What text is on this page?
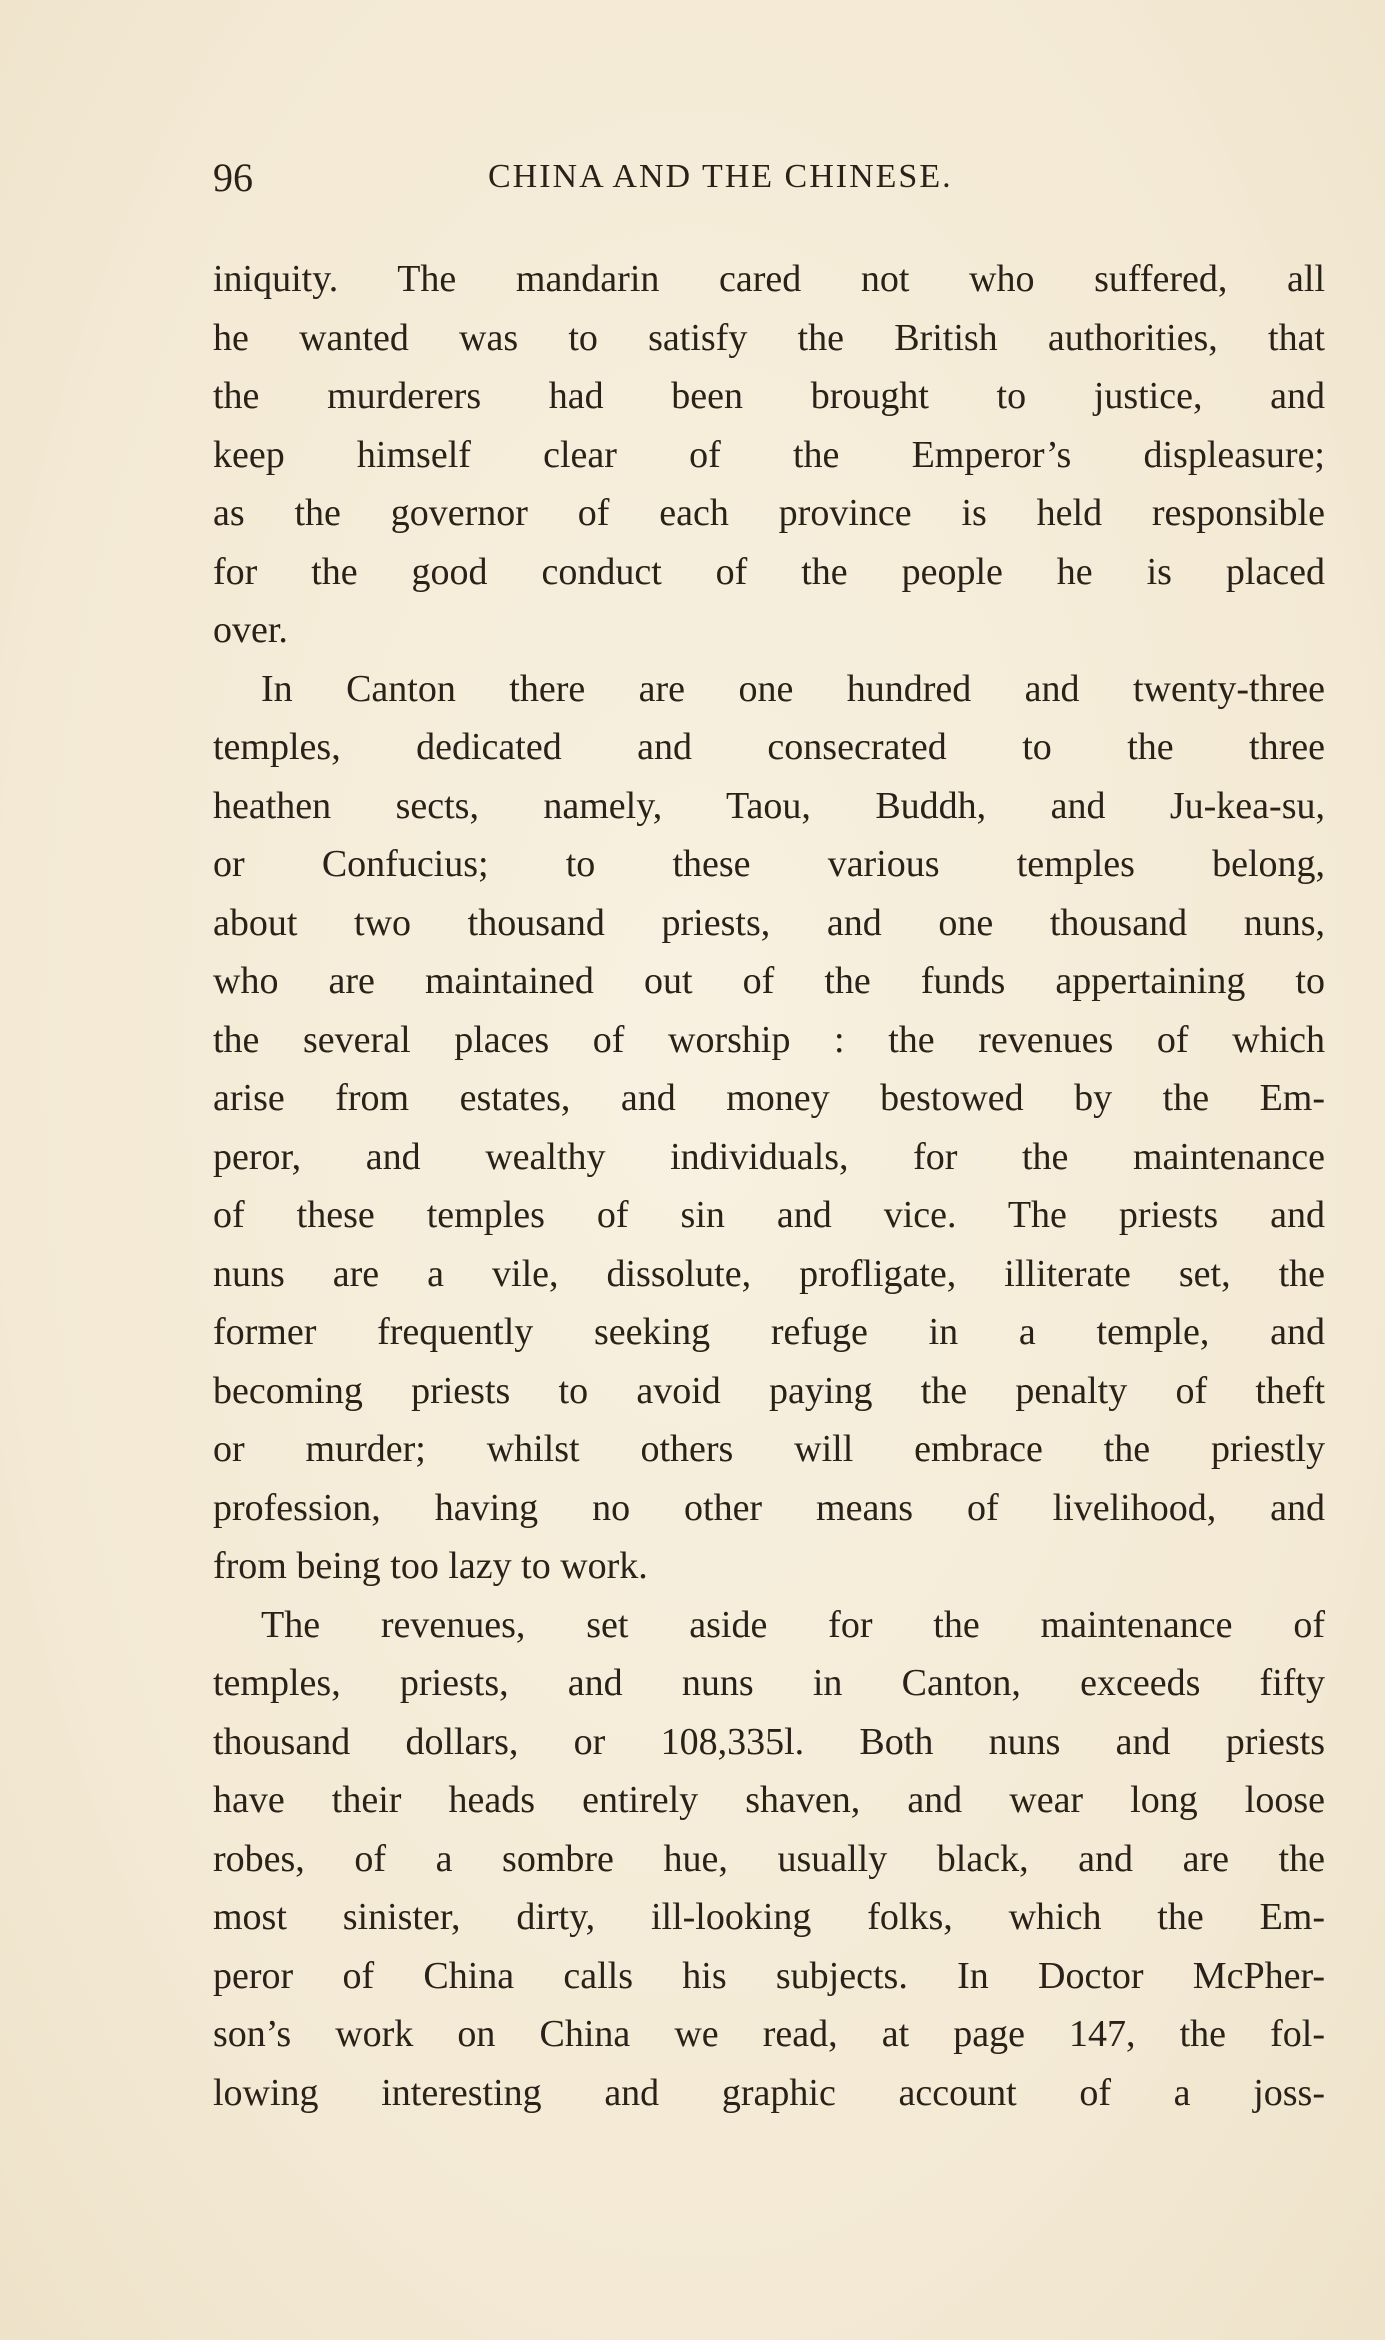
96	CHINA AND THE CHINESE.
iniquity. The mandarin cared not who suffered, all
he wanted was to satisfy the British authorities, that
the murderers had been brought to justice, and
keep himself clear of the Emperor’s displeasure;
as the governor of each province is held responsible
for the good conduct of the people he is placed
over.
In Canton there are one hundred and twenty-three
temples, dedicated and consecrated to the three
heathen sects, namely, Taou, Buddh, and Ju-kea-su,
or Confucius; to these various temples belong,
about two thousand priests, and one thousand nuns,
who are maintained out of the funds appertaining to
the several places of worship : the revenues of which
arise from estates, and money bestowed by the Em-
peror, and wealthy individuals, for the maintenance
of these temples of sin and vice. The priests and
nuns are a vile, dissolute, profligate, illiterate set, the
former frequently seeking refuge in a temple, and
becoming priests to avoid paying the penalty of theft
or murder; whilst others will embrace the priestly
profession, having no other means of livelihood, and
from being too lazy to work.
The revenues, set aside for the maintenance of
temples, priests, and nuns in Canton, exceeds fifty
thousand dollars, or 108,335l. Both nuns and priests
have their heads entirely shaven, and wear long loose
robes, of a sombre hue, usually black, and are the
most sinister, dirty, ill-looking folks, which the Em-
peror of China calls his subjects. In Doctor McPher-
son’s work on China we read, at page 147, the fol-
lowing interesting and graphic account of a joss-
